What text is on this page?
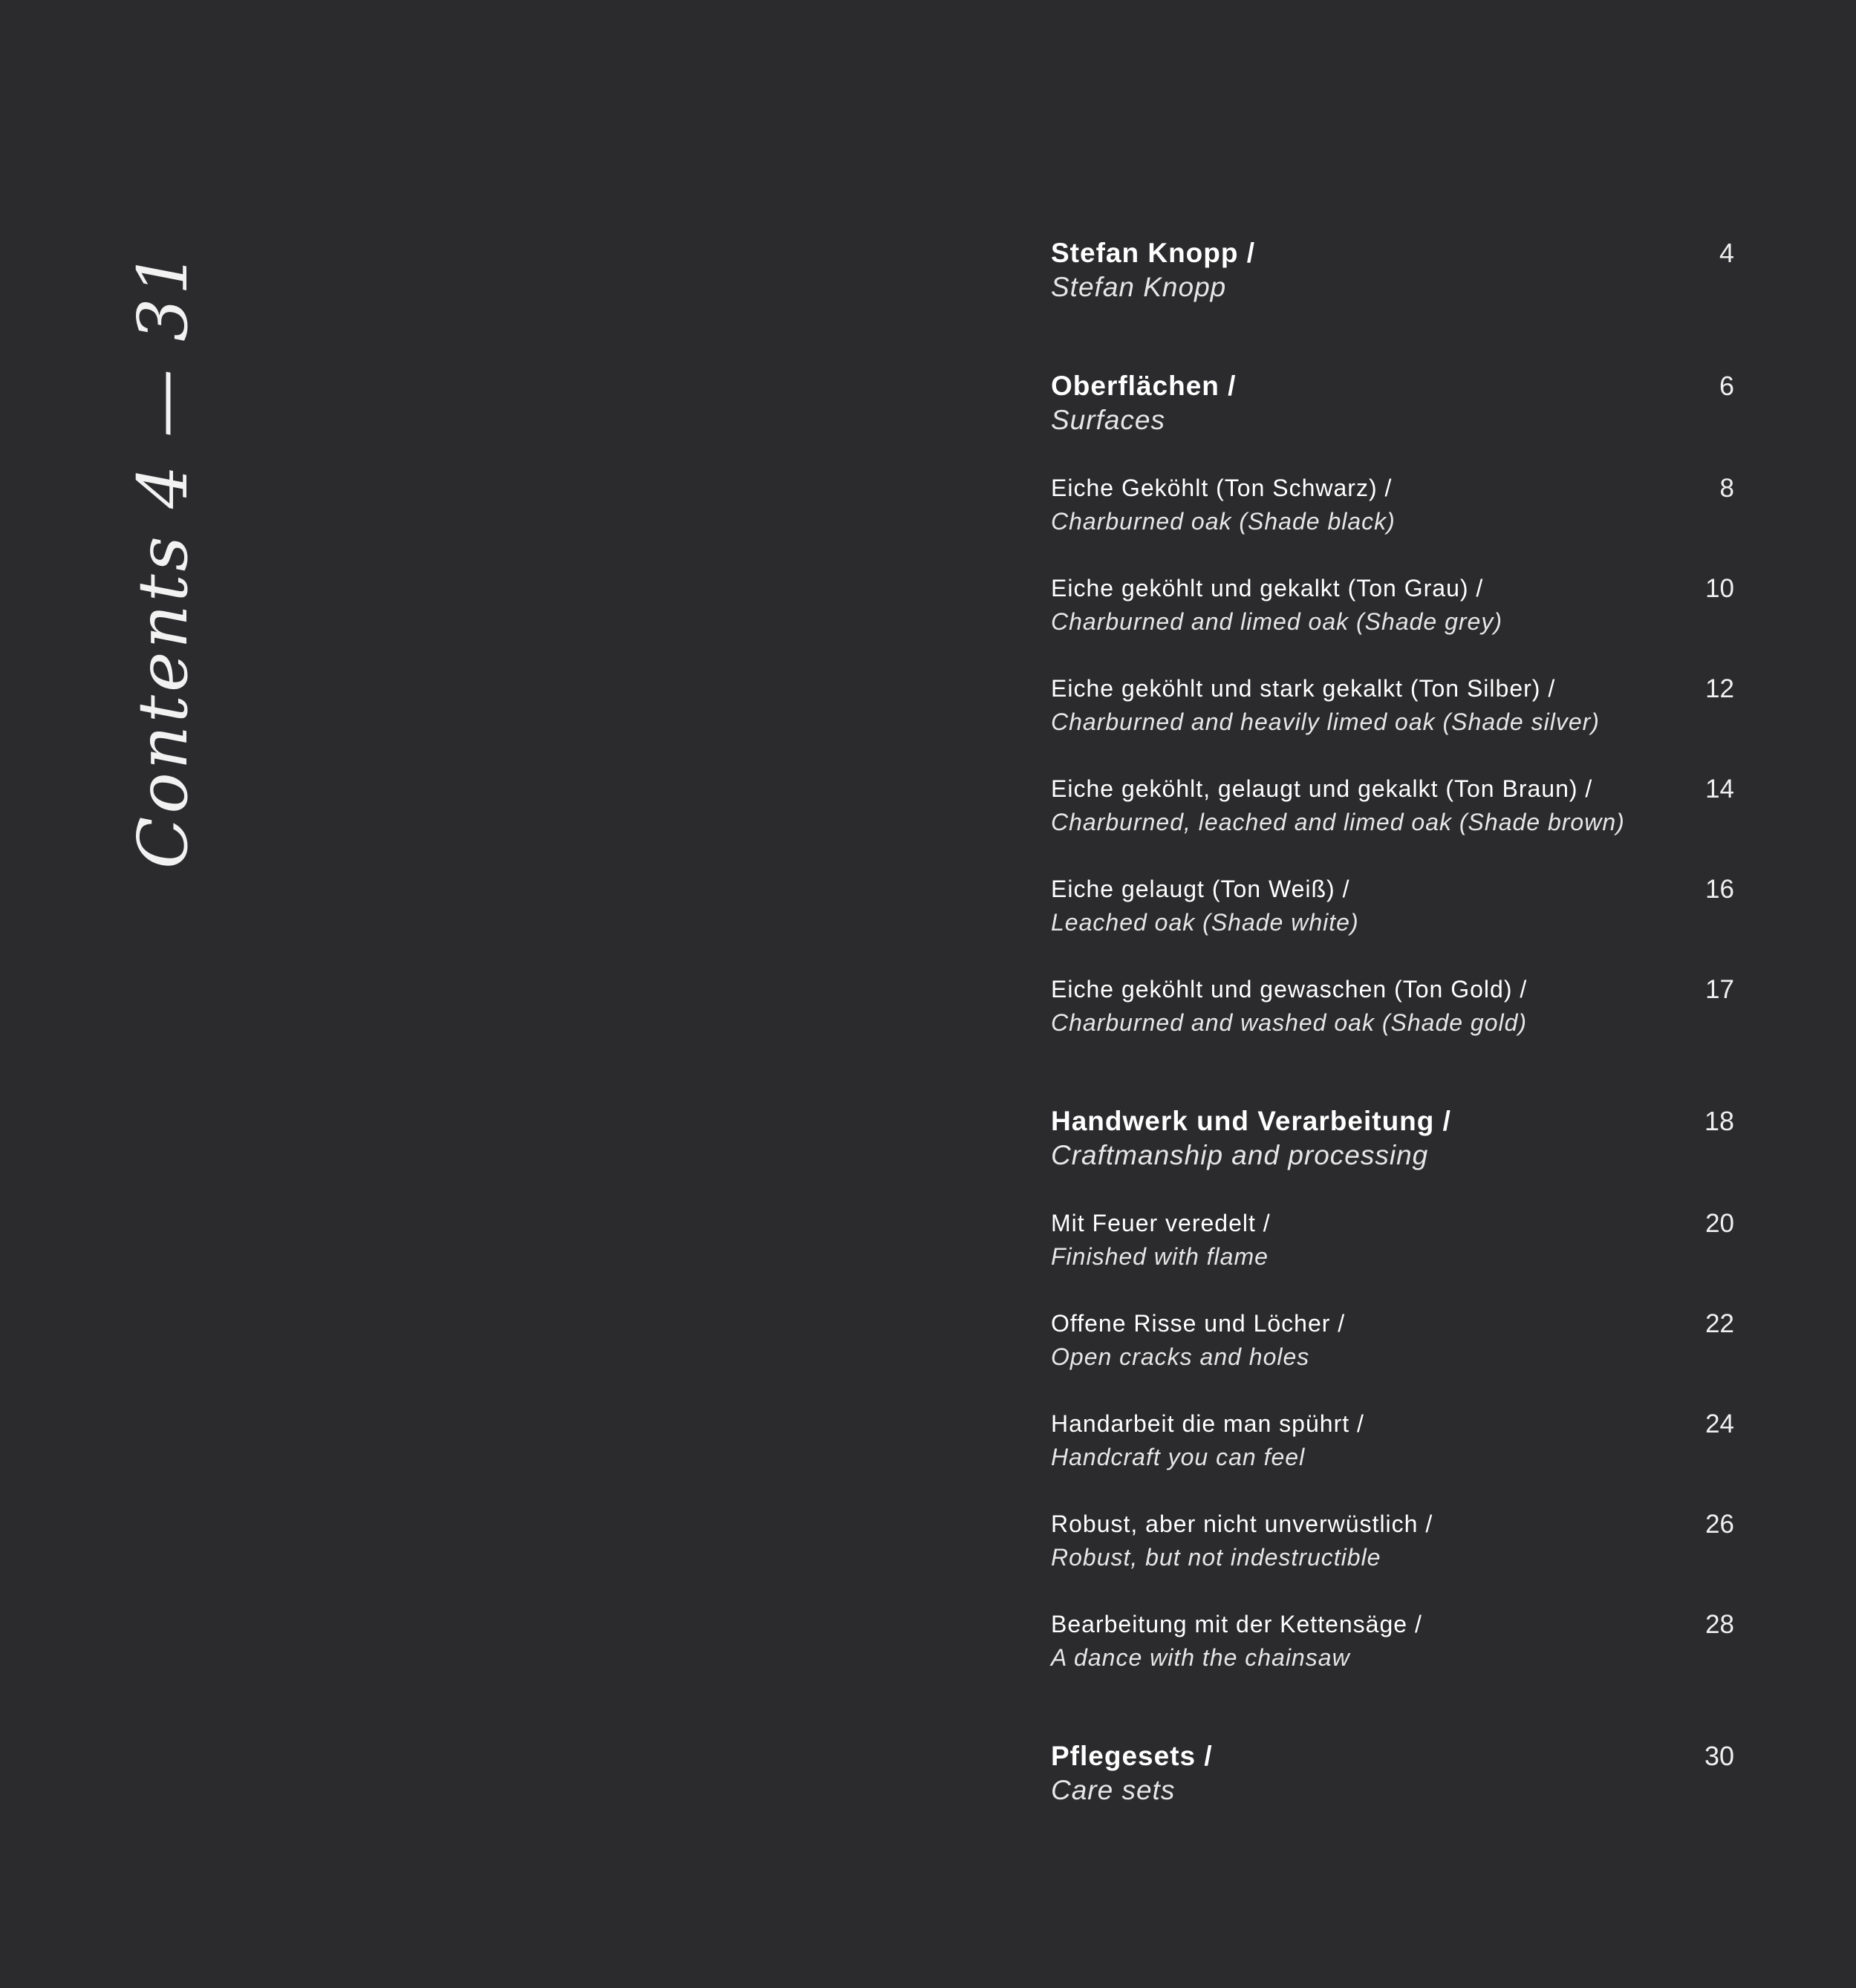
Contents 4 — 31	Stefan Knopp /
Stefan Knopp
4
Oberflächen /
Surfaces
6
Eiche Geköhlt (Ton Schwarz) /
Charburned oak (Shade black)
8
Eiche geköhlt und gekalkt (Ton Grau) /
Charburned and limed oak (Shade grey)
10
Eiche geköhlt und stark gekalkt (Ton Silber) /
Charburned and heavily limed oak (Shade silver)
12
Eiche geköhlt, gelaugt und gekalkt (Ton Braun) /
Charburned, leached and limed oak (Shade brown)
14
Eiche gelaugt (Ton Weiß) /
Leached oak (Shade white)
16
Eiche geköhlt und gewaschen (Ton Gold) /
Charburned and washed oak (Shade gold)
17
Handwerk und Verarbeitung /
Craftmanship and processing
18
Mit Feuer veredelt /
Finished with flame
20
Offene Risse und Löcher /
Open cracks and holes
22
Handarbeit die man spührt /
Handcraft you can feel
24
Robust, aber nicht unverwüstlich /
Robust, but not indestructible
26
Bearbeitung mit der Kettensäge /
A dance with the chainsaw
28
Pflegesets /
Care sets
30
